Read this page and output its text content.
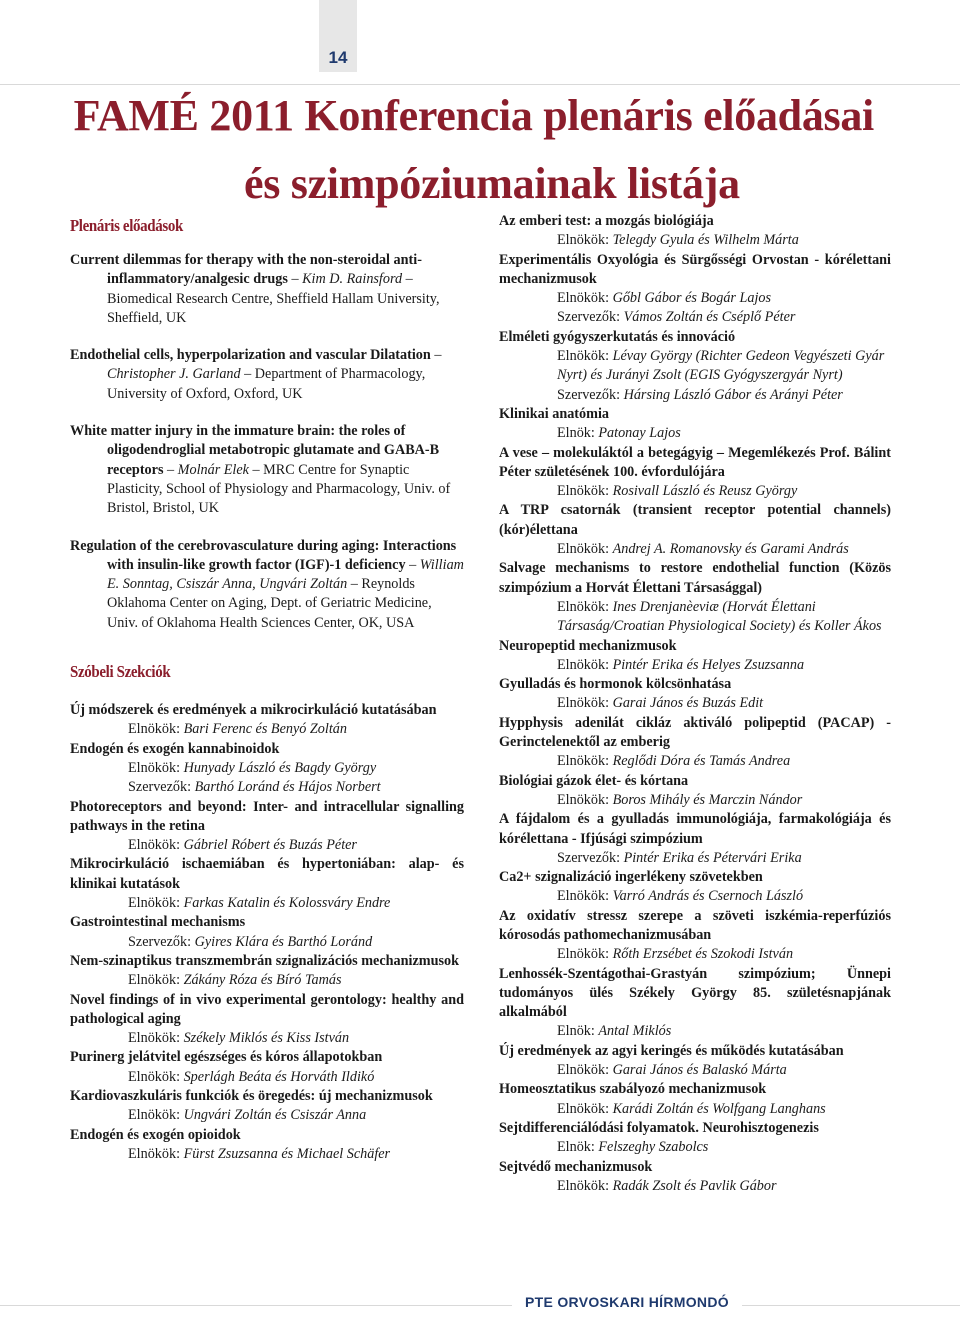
14
FAMÉ 2011 Konferencia plenáris előadásai
és szimpóziumainak listája
Plenáris előadások
Current dilemmas for therapy with the non-steroidal anti-inflammatory/analgesic drugs – Kim D. Rainsford – Biomedical Research Centre, Sheffield Hallam University, Sheffield, UK
Endothelial cells, hyperpolarization and vascular Dilatation – Christopher J. Garland – Department of Pharmacology, University of Oxford, Oxford, UK
White matter injury in the immature brain: the roles of oligodendroglial metabotropic glutamate and GABA-B receptors – Molnár Elek – MRC Centre for Synaptic Plasticity, School of Physiology and Pharmacology, Univ. of Bristol, Bristol, UK
Regulation of the cerebrovasculature during aging: Interactions with insulin-like growth factor (IGF)-1 deficiency – William E. Sonntag, Csiszár Anna, Ungvári Zoltán – Reynolds Oklahoma Center on Aging, Dept. of Geriatric Medicine, Univ. of Oklahoma Health Sciences Center, OK, USA
Szóbeli Szekciók
Új módszerek és eredmények a mikrocirkuláció kutatásában
Elnökök: Bari Ferenc és Benyó Zoltán
Endogén és exogén kannabinoidok
Elnökök: Hunyady László és Bagdy György
Szervezők: Barthó Loránd és Hájos Norbert
Photoreceptors and beyond: Inter- and intracellular signalling pathways in the retina
Elnökök: Gábriel Róbert és Buzás Péter
Mikrocirkuláció ischaemiában és hypertoniában: alap- és klinikai kutatások
Elnökök: Farkas Katalin és Kolossváry Endre
Gastrointestinal mechanisms
Szervezők: Gyires Klára és Barthó Loránd
Nem-szinaptikus transzmembrán szignalizációs mechanizmusok
Elnökök: Zákány Róza és Bíró Tamás
Novel findings of in vivo experimental gerontology: healthy and pathological aging
Elnökök: Székely Miklós és Kiss István
Purinerg jelátvitel egészséges és kóros állapotokban
Elnökök: Sperlágh Beáta és Horváth Ildikó
Kardiovaszkuláris funkciók és öregedés: új mechanizmusok
Elnökök: Ungvári Zoltán és Csiszár Anna
Endogén és exogén opioidok
Elnökök: Fürst Zsuzsanna és Michael Schäfer
Az emberi test: a mozgás biológiája
Elnökök: Telegdy Gyula és Wilhelm Márta
Experimentális Oxyológia és Sürgősségi Orvostan - kórélettani mechanizmusok
Elnökök: Gőbl Gábor és Bogár Lajos
Szervezők: Vámos Zoltán és Cséplő Péter
Elméleti gyógyszerkutatás és innováció
Elnökök: Lévay György (Richter Gedeon Vegyészeti Gyár Nyrt) és Jurányi Zsolt (EGIS Gyógyszergyár Nyrt)
Szervezők: Hársing László Gábor és Arányi Péter
Klinikai anatómia
Elnök: Patonay Lajos
A vese – molekuláktól a betegágyig – Megemlékezés Prof. Bálint Péter születésének 100. évfordulójára
Elnökök: Rosivall László és Reusz György
A TRP csatornák (transient receptor potential channels) (kór)élettana
Elnökök: Andrej A. Romanovsky és Garami András
Salvage mechanisms to restore endothelial function (Közös szimpózium a Horvát Élettani Társasággal)
Elnökök: Ines Drenjanèeviæ (Horvát Élettani Társaság/Croatian Physiological Society) és Koller Ákos
Neuropeptid mechanizmusok
Elnökök: Pintér Erika és Helyes Zsuzsanna
Gyulladás és hormonok kölcsönhatása
Elnökök: Garai János és Buzás Edit
Hypphysis adenilát cikláz aktiváló polipeptid (PACAP) - Gerinctelenektől az emberig
Elnökök: Reglődi Dóra és Tamás Andrea
Biológiai gázok élet- és kórtana
Elnökök: Boros Mihály és Marczin Nándor
A fájdalom és a gyulladás immunológiája, farmakológiája és kórélettana - Ifjúsági szimpózium
Szervezők: Pintér Erika és Pétervári Erika
Ca2+ szignalizáció ingerlékeny szövetekben
Elnökök: Varró András és Csernoch László
Az oxidatív stressz szerepe a szöveti iszkémia-reperfúziós kórosodás pathomechanizmusában
Elnökök: Rőth Erzsébet és Szokodi István
Lenhossék-Szentágothai-Grastyán szimpózium; Ünnepi tudományos ülés Székely György 85. születésnapjának alkalmából
Elnök: Antal Miklós
Új eredmények az agyi keringés és működés kutatásában
Elnökök: Garai János és Balaskó Márta
Homeosztatikus szabályozó mechanizmusok
Elnökök: Karádi Zoltán és Wolfgang Langhans
Sejtdifferenciálódási folyamatok. Neurohisztogenezis
Elnök: Felszeghy Szabolcs
Sejtvédő mechanizmusok
Elnökök: Radák Zsolt és Pavlik Gábor
PTE ORVOSKARI HÍRMONDÓ
